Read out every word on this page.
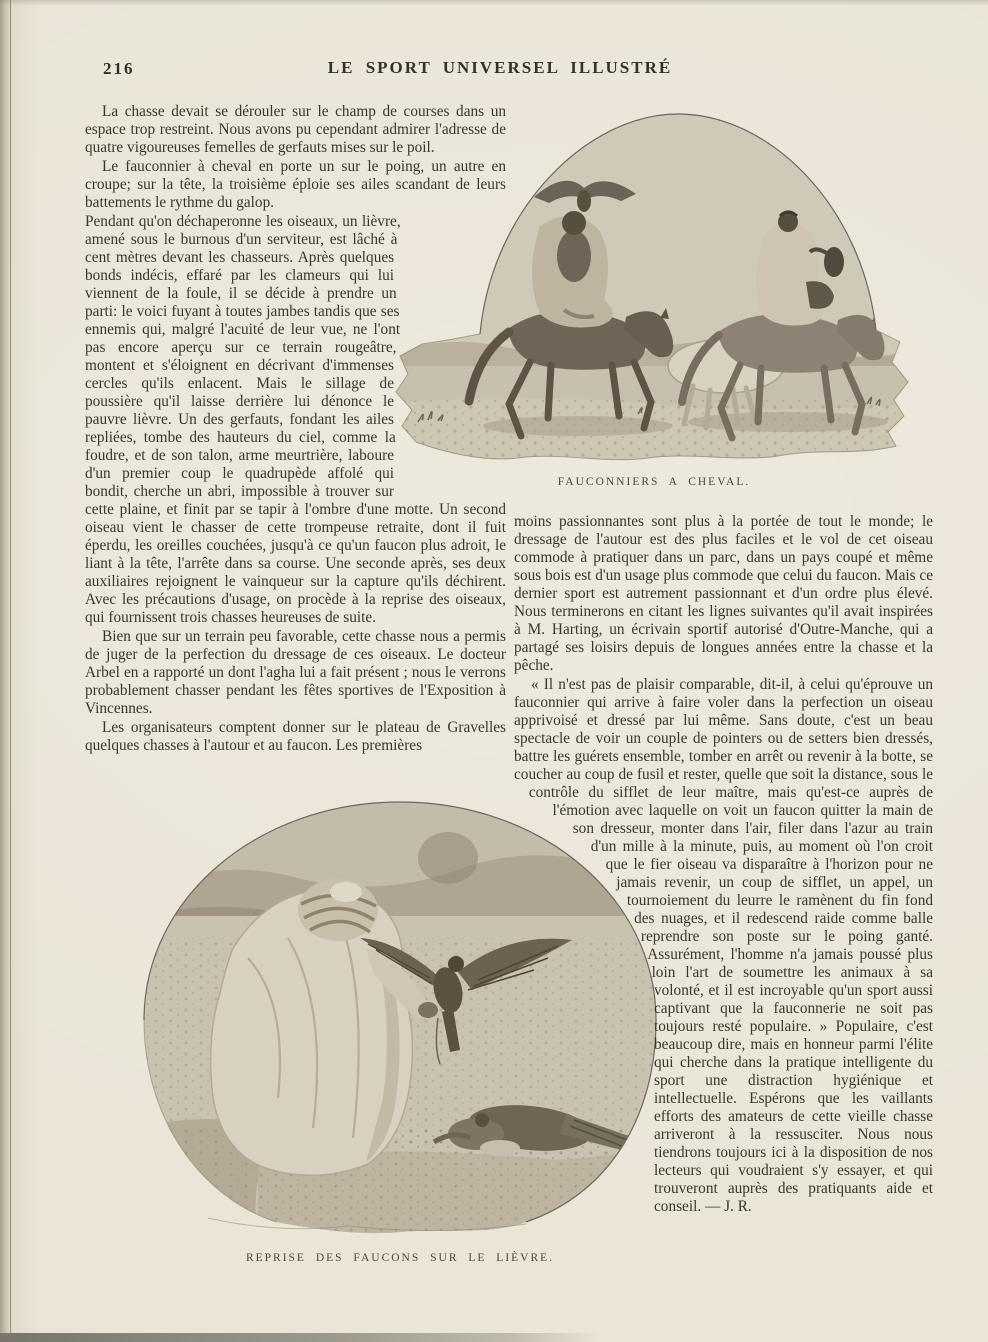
216	LE SPORT UNIVERSEL ILLUSTRÉ
FAUCONNIERS A CHEVAL.
REPRISE DES FAUCONS SUR LE LIÈVRE.

La chasse devait se dérouler sur le champ de courses dans un espace trop restreint. Nous avons pu cependant admirer l'adresse de quatre vigoureuses femelles de gerfauts mises sur le poil.

Le fauconnier à cheval en porte un sur le poing, un autre en croupe; sur la tête, la troisième éploie ses ailes scandant de leurs battements le rythme du galop.

Pendant qu'on déchaperonne les oiseaux, un lièvre, amené sous le burnous d'un serviteur, est lâché à cent mètres devant les chasseurs. Après quelques bonds indécis, effaré par les clameurs qui lui viennent de la foule, il se décide à prendre un parti: le voici fuyant à toutes jambes tandis que ses ennemis qui, malgré l'acuité de leur vue, ne l'ont pas encore aperçu sur ce terrain rougeâtre, montent et s'éloignent en décrivant d'immenses cercles qu'ils enlacent. Mais le sillage de poussière qu'il laisse derrière lui dénonce le pauvre lièvre. Un des gerfauts, fondant les ailes repliées, tombe des hauteurs du ciel, comme la foudre, et de son talon, arme meurtrière, laboure d'un premier coup le quadrupède affolé qui bondit, cherche un abri, impossible à trouver sur cette plaine, et finit par se tapir à l'ombre d'une motte. Un second oiseau vient le chasser de cette trompeuse retraite, dont il fuit éperdu, les oreilles couchées, jusqu'à ce qu'un faucon plus adroit, le liant à la tête, l'arrête dans sa course. Une seconde après, ses deux auxiliaires rejoignent le vainqueur sur la capture qu'ils déchirent. Avec les précautions d'usage, on procède à la reprise des oiseaux, qui fournissent trois chasses heureuses de suite.

Bien que sur un terrain peu favorable, cette chasse nous a permis de juger de la perfection du dressage de ces oiseaux. Le docteur Arbel en a rapporté un dont l'agha lui a fait présent ; nous le verrons probablement chasser pendant les fêtes sportives de l'Exposition à Vincennes.

Les organisateurs comptent donner sur le plateau de Gravelles quelques chasses à l'autour et au faucon. Les premières

moins passionnantes sont plus à la portée de tout le monde; le dressage de l'autour est des plus faciles et le vol de cet oiseau commode à pratiquer dans un parc, dans un pays coupé et même sous bois est d'un usage plus commode que celui du faucon. Mais ce dernier sport est autrement passionnant et d'un ordre plus élevé. Nous terminerons en citant les lignes suivantes qu'il avait inspirées à M. Harting, un écrivain sportif autorisé d'Outre-Manche, qui a partagé ses loisirs depuis de longues années entre la chasse et la pêche.

« Il n'est pas de plaisir comparable, dit-il, à celui qu'éprouve un fauconnier qui arrive à faire voler dans la perfection un oiseau apprivoisé et dressé par lui même. Sans doute, c'est un beau spectacle de voir un couple de pointers ou de setters bien dressés, battre les guérets ensemble, tomber en arrêt ou revenir à la botte, se coucher au coup de fusil et rester, quelle que soit la distance, sous le contrôle du sifflet de leur maître, mais qu'est-ce auprès de l'émotion avec laquelle on voit un faucon quitter la main de son dresseur, monter dans l'air, filer dans l'azur au train d'un mille à la minute, puis, au moment où l'on croit que le fier oiseau va disparaître à l'horizon pour ne jamais revenir, un coup de sifflet, un appel, un tournoiement du leurre le ramènent du fin fond des nuages, et il redescend raide comme balle reprendre son poste sur le poing ganté. Assurément, l'homme n'a jamais poussé plus loin l'art de soumettre les animaux à sa volonté, et il est incroyable qu'un sport aussi captivant que la fauconnerie ne soit pas toujours resté populaire. » Populaire, c'est beaucoup dire, mais en honneur parmi l'élite qui cherche dans la pratique intelligente du sport une distraction hygiénique et intellectuelle. Espérons que les vaillants efforts des amateurs de cette vieille chasse arriveront à la ressusciter. Nous nous tiendrons toujours ici à la disposition de nos lecteurs qui voudraient s'y essayer, et qui trouveront auprès des pratiquants aide et conseil. — J. R.
